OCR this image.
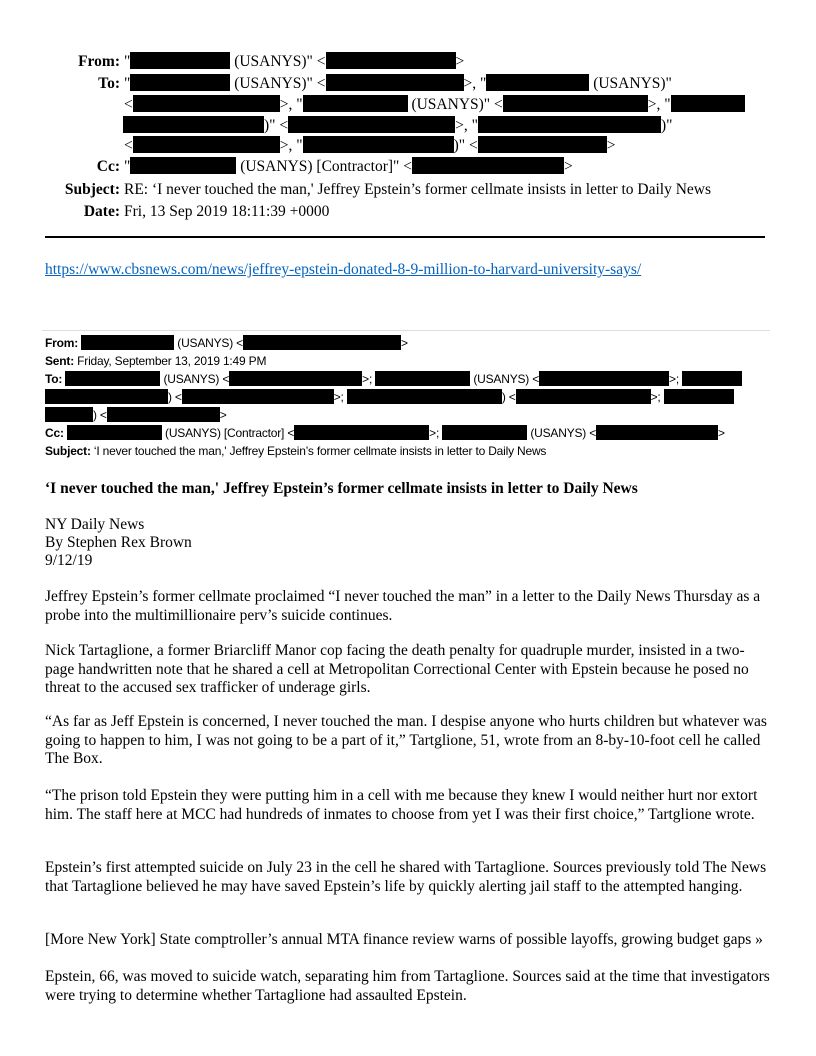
From: "	(USANYS)" <	>
To: "	(USANYS)" <	>, "	(USANYS)"
<	>, "	(USANYS)" <	>, "
)" <	>, "	)"
<	>, "	)" <	>
Cc: "	(USANYS) [Contractor]" <	>
Subject: RE: ‘I never touched the man,' Jeffrey Epstein’s former cellmate insists in letter to Daily News
Date: Fri, 13 Sep 2019 18:11:39 +0000
https://www.cbsnews.com/news/jeffrey-epstein-donated-8-9-million-to-harvard-university-says/
From:	(USANYS) <	>
Sent: Friday, September 13, 2019 1:49 PM
To:	(USANYS) <	>;	(USANYS) <	>;
) <	>;	) <	>;
) <	>
Cc:	(USANYS) [Contractor] <	>;	(USANYS) <	>
Subject: ‘I never touched the man,' Jeffrey Epstein’s former cellmate insists in letter to Daily News
‘I never touched the man,' Jeffrey Epstein’s former cellmate insists in letter to Daily News
NY Daily News
By Stephen Rex Brown
9/12/19
Jeffrey Epstein’s former cellmate proclaimed “I never touched the man” in a letter to the Daily News Thursday as a probe into the multimillionaire perv’s suicide continues.
Nick Tartaglione, a former Briarcliff Manor cop facing the death penalty for quadruple murder, insisted in a two-page handwritten note that he shared a cell at Metropolitan Correctional Center with Epstein because he posed no threat to the accused sex trafficker of underage girls.
“As far as Jeff Epstein is concerned, I never touched the man. I despise anyone who hurts children but whatever was going to happen to him, I was not going to be a part of it,” Tartglione, 51, wrote from an 8-by-10-foot cell he called The Box.
“The prison told Epstein they were putting him in a cell with me because they knew I would neither hurt nor extort him. The staff here at MCC had hundreds of inmates to choose from yet I was their first choice,” Tartglione wrote.
Epstein’s first attempted suicide on July 23 in the cell he shared with Tartaglione. Sources previously told The News that Tartaglione believed he may have saved Epstein’s life by quickly alerting jail staff to the attempted hanging.
[More New York] State comptroller’s annual MTA finance review warns of possible layoffs, growing budget gaps »
Epstein, 66, was moved to suicide watch, separating him from Tartaglione. Sources said at the time that investigators were trying to determine whether Tartaglione had assaulted Epstein.
